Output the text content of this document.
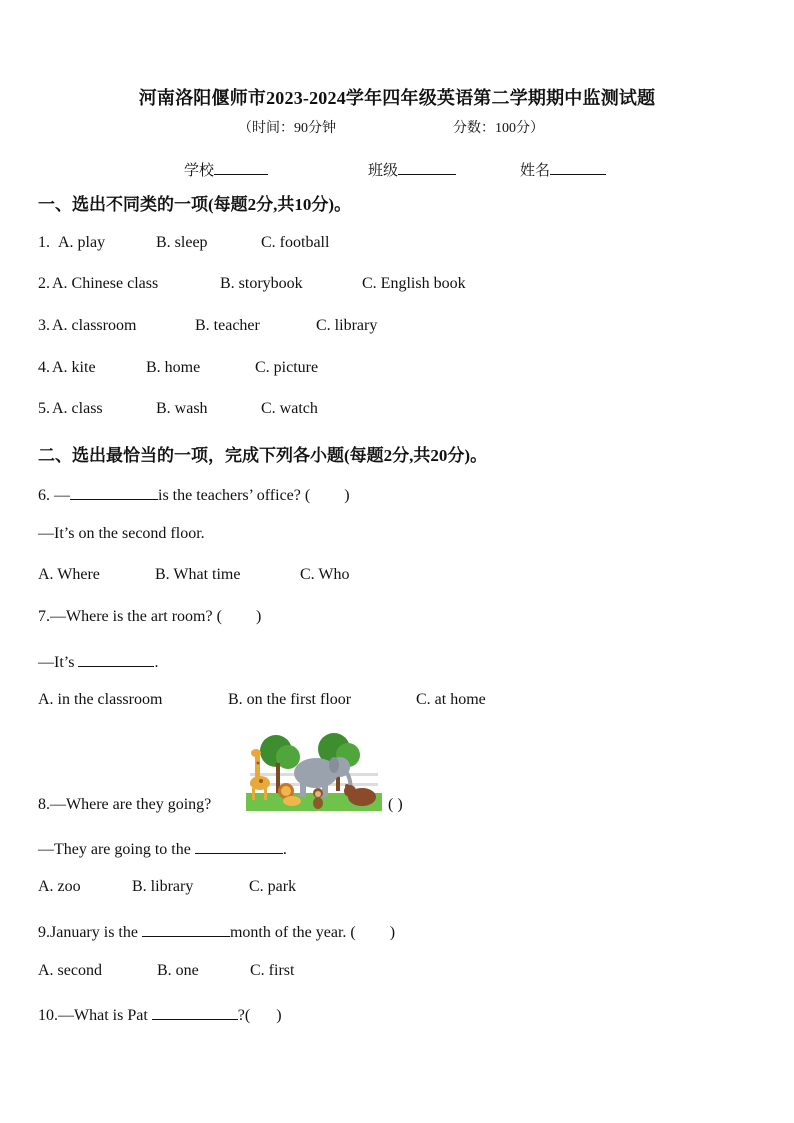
河南洛阳偃师市2023-2024学年四年级英语第二学期期中监测试题
（时间：90分钟	分数：100分）
学校	班级	姓名
一、选出不同类的一项(每题2分,共10分)。
1. A. play	B. sleep	C. football
2. A. Chinese class	B. storybook	C. English book
3. A. classroom	B. teacher	C. library
4. A. kite	B. home	C. picture
5. A. class	B. wash	C. watch
二、选出最恰当的一项，完成下列各小题(每题2分,共20分)。
6. —	is the teachers’ office? ( )
—It’s on the second floor.
A. Where	B. What time	C. Who
7.—Where is the art room? ( )
—It’s	.
A. in the classroom	B. on the first floor	C. at home
8.—Where are they going?	( )
—They are going to the	.
A. zoo	B. library	C. park
9.January is the	month of the year. ( )
A. second	B. one	C. first
10.—What is Pat	?( )
